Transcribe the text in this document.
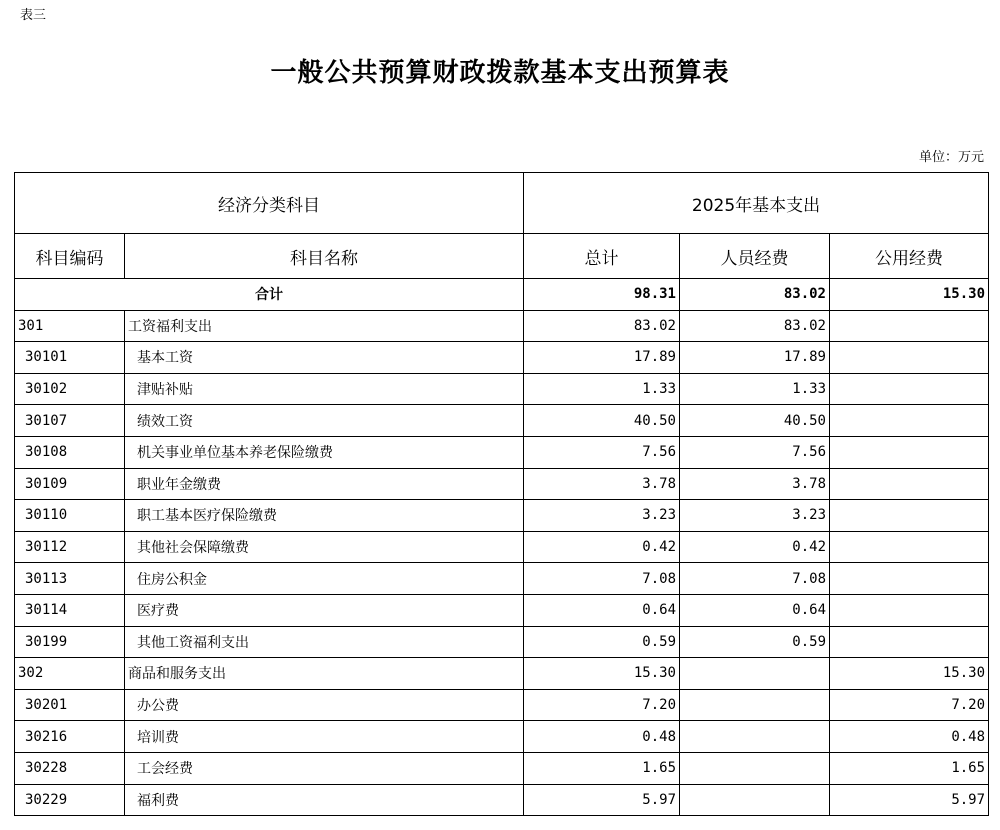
表三
一般公共预算财政拨款基本支出预算表
单位：万元
经济分类科目		2025年基本支出		
科目编码	科目名称	总计	人员经费	公用经费
合计		98.31	83.02	15.30
301	工资福利支出	83.02	83.02	
30101	基本工资	17.89	17.89	
30102	津贴补贴	1.33	1.33	
30107	绩效工资	40.50	40.50	
30108	机关事业单位基本养老保险缴费	7.56	7.56	
30109	职业年金缴费	3.78	3.78	
30110	职工基本医疗保险缴费	3.23	3.23	
30112	其他社会保障缴费	0.42	0.42	
30113	住房公积金	7.08	7.08	
30114	医疗费	0.64	0.64	
30199	其他工资福利支出	0.59	0.59	
302	商品和服务支出	15.30		15.30
30201	办公费	7.20		7.20
30216	培训费	0.48		0.48
30228	工会经费	1.65		1.65
30229	福利费	5.97		5.97
